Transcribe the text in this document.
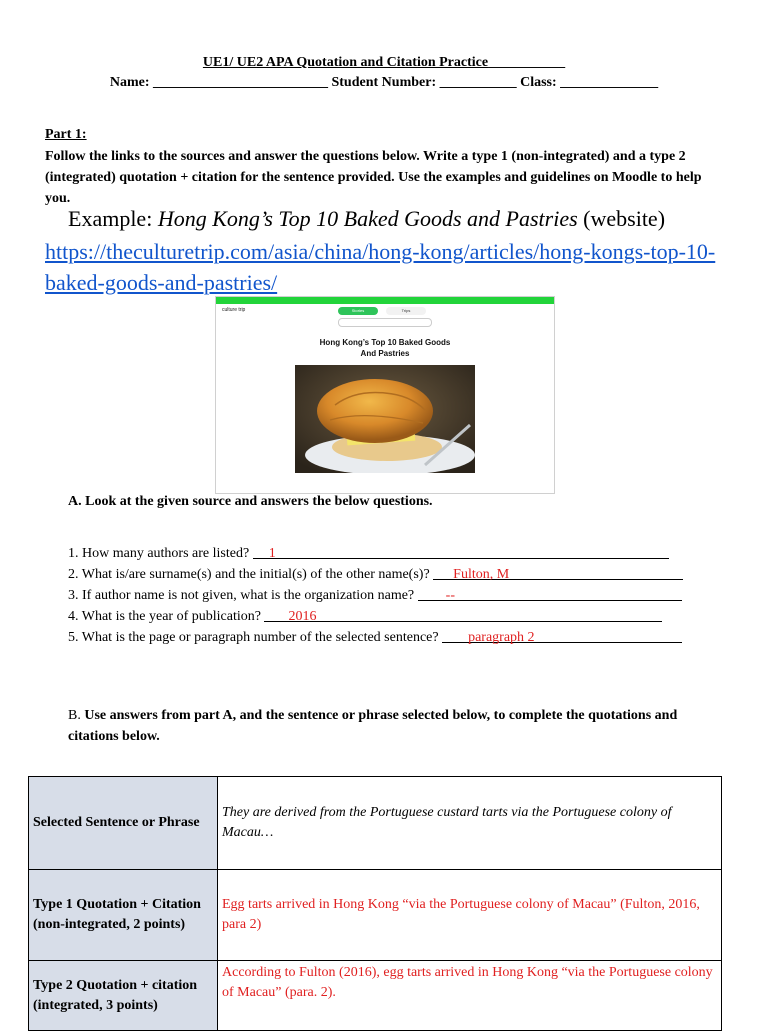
UE1/ UE2 APA Quotation and Citation Practice___________
Name: _________________________ Student Number: ___________ Class: ______________
Part 1:
Follow the links to the sources and answer the questions below. Write a type 1 (non-integrated) and a type 2 (integrated) quotation + citation for the sentence provided. Use the examples and guidelines on Moodle to help you.
Example: Hong Kong’s Top 10 Baked Goods and Pastries (website)
https://theculturetrip.com/asia/china/hong-kong/articles/hong-kongs-top-10-baked-goods-and-pastries/
culture trip	Stories	Trips
Hong Kong’s Top 10 Baked Goods
And Pastries
A. Look at the given source and answers the below questions.
1. How many authors are listed? 1
2. What is/are surname(s) and the initial(s) of the other name(s)? Fulton, M
3. If author name is not given, what is the organization name? --
4. What is the year of publication? 2016
5. What is the page or paragraph number of the selected sentence? paragraph 2
B. Use answers from part A, and the sentence or phrase selected below, to complete the quotations and citations below.
Selected Sentence or Phrase	They are derived from the Portuguese custard tarts via the Portuguese colony of Macau…
Type 1 Quotation + Citation (non-integrated, 2 points)	Egg tarts arrived in Hong Kong “via the Portuguese colony of Macau” (Fulton, 2016, para 2)
Type 2 Quotation + citation (integrated, 3 points)	According to Fulton (2016), egg tarts arrived in Hong Kong “via the Portuguese colony of Macau” (para. 2).
